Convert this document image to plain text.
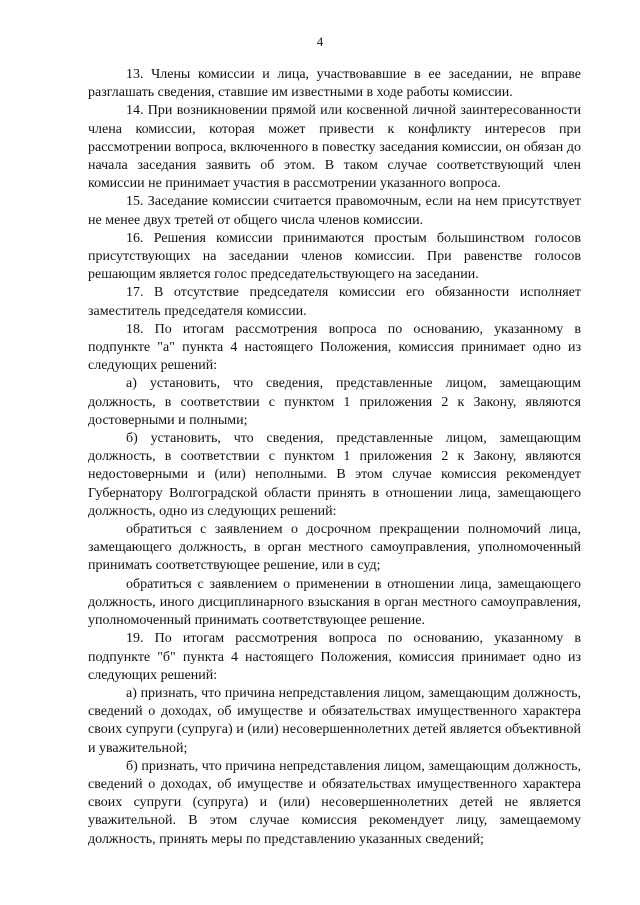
4

13. Члены комиссии и лица, участвовавшие в ее заседании, не вправе разглашать сведения, ставшие им известными в ходе работы комиссии.

14. При возникновении прямой или косвенной личной заинтересованности члена комиссии, которая может привести к конфликту интересов при рассмотрении вопроса, включенного в повестку заседания комиссии, он обязан до начала заседания заявить об этом. В таком случае соответствующий член комиссии не принимает участия в рассмотрении указанного вопроса.

15. Заседание комиссии считается правомочным, если на нем присутствует не менее двух третей от общего числа членов комиссии.

16. Решения комиссии принимаются простым большинством голосов присутствующих на заседании членов комиссии. При равенстве голосов решающим является голос председательствующего на заседании.

17. В отсутствие председателя комиссии его обязанности исполняет заместитель председателя комиссии.

18. По итогам рассмотрения вопроса по основанию, указанному в подпункте "а" пункта 4 настоящего Положения, комиссия принимает одно из следующих решений:

а) установить, что сведения, представленные лицом, замещающим должность, в соответствии с пунктом 1 приложения 2 к Закону, являются достоверными и полными;

б) установить, что сведения, представленные лицом, замещающим должность, в соответствии с пунктом 1 приложения 2 к Закону, являются недостоверными и (или) неполными. В этом случае комиссия рекомендует Губернатору Волгоградской области принять в отношении лица, замещающего должность, одно из следующих решений:

обратиться с заявлением о досрочном прекращении полномочий лица, замещающего должность, в орган местного самоуправления, уполномоченный принимать соответствующее решение, или в суд;

обратиться с заявлением о применении в отношении лица, замещающего должность, иного дисциплинарного взыскания в орган местного самоуправления, уполномоченный принимать соответствующее решение.

19. По итогам рассмотрения вопроса по основанию, указанному в подпункте "б" пункта 4 настоящего Положения, комиссия принимает одно из следующих решений:

а) признать, что причина непредставления лицом, замещающим должность, сведений о доходах, об имуществе и обязательствах имущественного характера своих супруги (супруга) и (или) несовершеннолетних детей является объективной и уважительной;

б) признать, что причина непредставления лицом, замещающим должность, сведений о доходах, об имуществе и обязательствах имущественного характера своих супруги (супруга) и (или) несовершеннолетних детей не является уважительной. В этом случае комиссия рекомендует лицу, замещаемому должность, принять меры по представлению указанных сведений;
